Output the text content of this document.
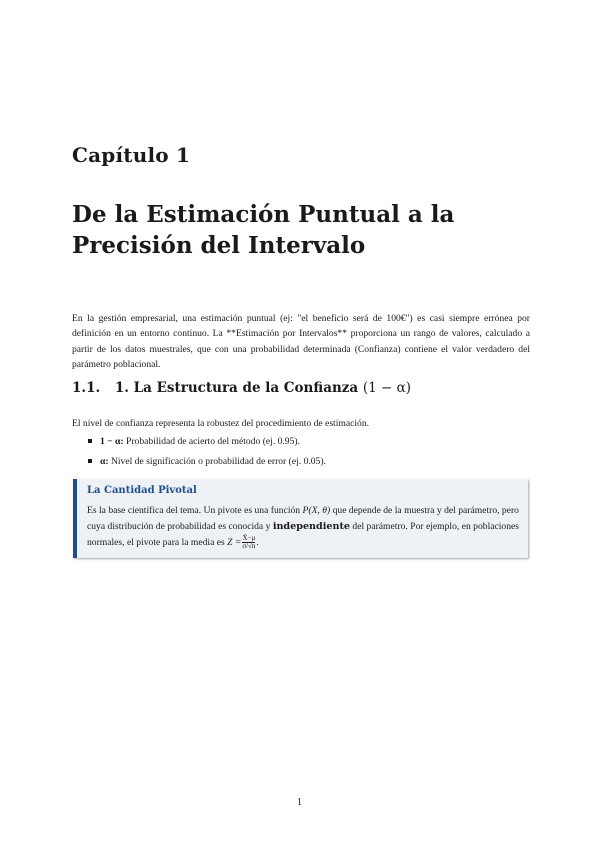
Capítulo 1
De la Estimación Puntual a la Precisión del Intervalo

En la gestión empresarial, una estimación puntual (ej: "el beneficio será de 100€") es casi siempre errónea por definición en un entorno continuo. La **Estimación por Intervalos** proporciona un rango de valores, calculado a partir de los datos muestrales, que con una probabilidad determinada (Confianza) contiene el valor verdadero del parámetro poblacional.

1.1. 1. La Estructura de la Confianza (1 − α)
El nivel de confianza representa la robustez del procedimiento de estimación.
1 − α: Probabilidad de acierto del método (ej. 0.95).
α: Nivel de significación o probabilidad de error (ej. 0.05).
La Cantidad Pivotal
Es la base científica del tema. Un pivote es una función P(X, θ) que depende de la muestra y del parámetro, pero cuya distribución de probabilidad es conocida y independiente del parámetro. Por ejemplo, en poblaciones normales, el pivote para la media es $Z = \frac{X̄-\mu}{\sigma/√n}$ .
1
